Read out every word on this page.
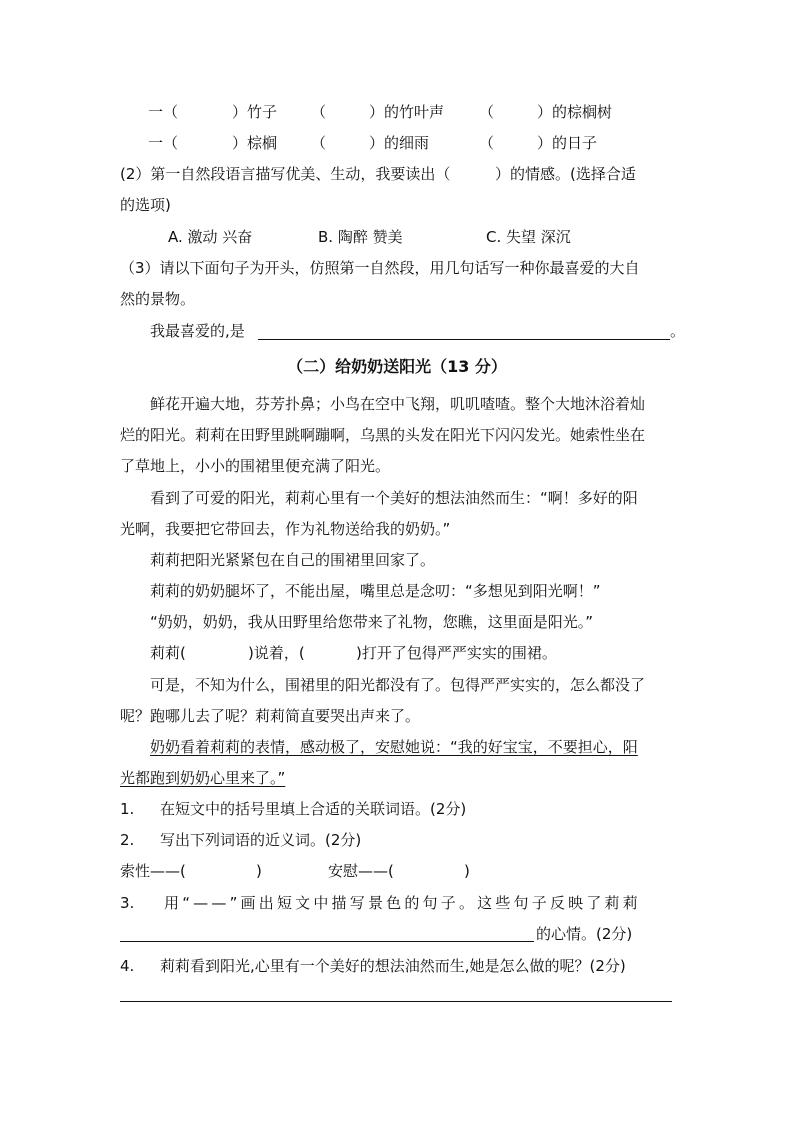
一（	）竹子 （	）的竹叶声 （	）的棕榈树
一（	）棕榈 （	）的细雨	（	）的日子
(2）第一自然段语言描写优美、生动，我要读出（	）的情感。(选择合适
的选项)
A. 激动 兴奋	B. 陶醉 赞美	C. 失望 深沉
（3）请以下面句子为开头，仿照第一自然段，用几句话写一种你最喜爱的大自
然的景物。
我最喜爱的,是	。
（二）给奶奶送阳光（13 分）
鲜花开遍大地，芬芳扑鼻；小鸟在空中飞翔，叽叽喳喳。整个大地沐浴着灿
烂的阳光。莉莉在田野里跳啊蹦啊，乌黑的头发在阳光下闪闪发光。她索性坐在
了草地上，小小的围裙里便充满了阳光。
看到了可爱的阳光，莉莉心里有一个美好的想法油然而生：“啊！多好的阳
光啊，我要把它带回去，作为礼物送给我的奶奶。”
莉莉把阳光紧紧包在自己的围裙里回家了。
莉莉的奶奶腿坏了，不能出屋，嘴里总是念叨：“多想见到阳光啊！”
“奶奶，奶奶，我从田野里给您带来了礼物，您瞧，这里面是阳光。”
莉莉(	)说着，(	)打开了包得严严实实的围裙。
可是，不知为什么，围裙里的阳光都没有了。包得严严实实的，怎么都没了
呢？跑哪儿去了呢？莉莉简直要哭出声来了。
奶奶看着莉莉的表情，感动极了，安慰她说：“我的好宝宝，不要担心，阳
光都跑到奶奶心里来了。”
1. 在短文中的括号里填上合适的关联词语。(2分)
2. 写出下列词语的近义词。(2分)
索性——(	)	安慰——(	)
3. 用“——”画出短文中描写景色的句子。这些句子反映了莉莉
的心情。(2分)
4. 莉莉看到阳光,心里有一个美好的想法油然而生,她是怎么做的呢？(2分)
